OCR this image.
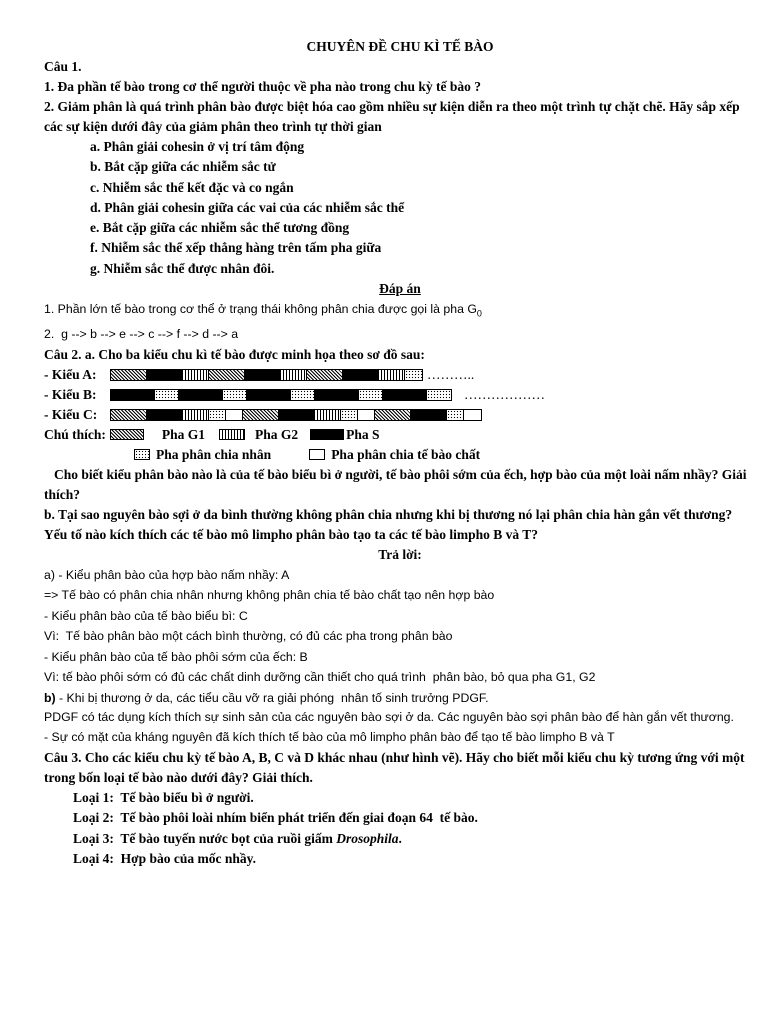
CHUYÊN ĐỀ CHU KÌ TẾ BÀO
Câu 1.
1. Đa phần tế bào trong cơ thể người thuộc về pha nào trong chu kỳ tế bào ?
2. Giảm phân là quá trình phân bào được biệt hóa cao gồm nhiều sự kiện diễn ra theo một trình tự chặt chẽ. Hãy sắp xếp các sự kiện dưới đây của giảm phân theo trình tự thời gian
a. Phân giải cohesin ở vị trí tâm động
b. Bắt cặp giữa các nhiễm sắc tử
c. Nhiễm sắc thể kết đặc và co ngắn
d. Phân giải cohesin giữa các vai của các nhiễm sắc thể
e. Bắt cặp giữa các nhiễm sắc thể tương đồng
f. Nhiễm sắc thể xếp thẳng hàng trên tấm pha giữa
g. Nhiễm sắc thể được nhân đôi.
Đáp án
1. Phần lớn tế bào trong cơ thể ở trạng thái không phân chia được gọi là pha $G_0$
2.  g --> b --> e --> c --> f --> d --> a
Câu 2. a. Cho ba kiểu chu kì tế bào được minh họa theo sơ đồ sau:
- Kiểu A:	………..
- Kiểu B:	………………
- Kiểu C:
Chú thích:	Pha G1	Pha G2	Pha S
Pha phân chia nhân	Pha phân chia tế bào chất
Cho biết kiểu phân bào nào là của tế bào biểu bì ở người, tế bào phôi sớm của ếch, hợp bào của một loài nấm nhầy? Giải thích?
b. Tại sao nguyên bào sợi ở da bình thường không phân chia nhưng khi bị thương nó lại phân chia hàn gắn vết thương? Yếu tố nào kích thích các tế bào mô limpho phân bào tạo ta các tế bào limpho B và T?
Trả lời:
a) - Kiểu phân bào của hợp bào nấm nhầy: A
=> Tế bào có phân chia nhân nhưng không phân chia tế bào chất tạo nên hợp bào
- Kiểu phân bào của tế bào biểu bì: C
Vì:  Tế bào phân bào một cách bình thường, có đủ các pha trong phân bào
- Kiểu phân bào của tế bào phôi sớm của ếch: B
Vì: tế bào phôi sớm có đủ các chất dinh dưỡng cần thiết cho quá trình  phân bào, bỏ qua pha G1, G2
b) - Khi bị thương ở da, các tiểu cầu vỡ ra giải phóng  nhân tố sinh trưởng PDGF.
PDGF có tác dụng kích thích sự sinh sản của các nguyên bào sợi ở da. Các nguyên bào sợi phân bào để hàn gắn vết thương.
- Sự có mặt của kháng nguyên đã kích thích tế bào của mô limpho phân bào để tạo tế bào limpho B và T
Câu 3. Cho các kiểu chu kỳ tế bào A, B, C và D khác nhau (như hình vẽ). Hãy cho biết mỗi kiểu chu kỳ tương ứng với một trong bốn loại tế bào nào dưới đây? Giải thích.
Loại 1:  Tế bào biểu bì ở người.
Loại 2:  Tế bào phôi loài nhím biển phát triển đến giai đoạn 64  tế bào.
Loại 3:  Tế bào tuyến nước bọt của ruồi giấm Drosophila.
Loại 4:  Hợp bào của mốc nhầy.
